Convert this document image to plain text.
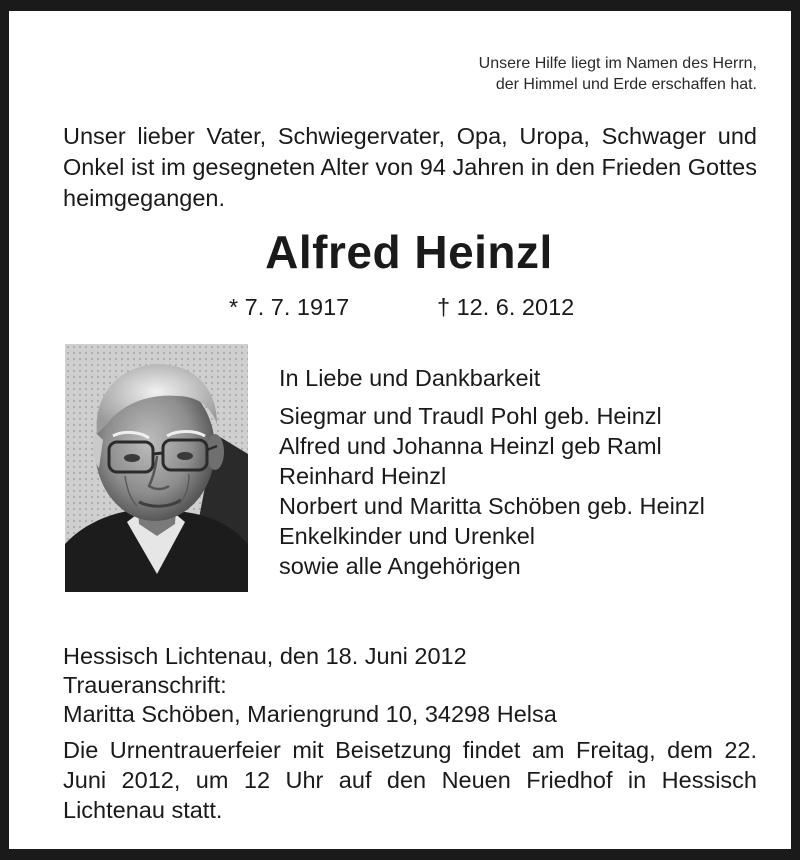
Unsere Hilfe liegt im Namen des Herrn,
der Himmel und Erde erschaffen hat.
Unser lieber Vater, Schwiegervater, Opa, Uropa, Schwager und Onkel ist im gesegneten Alter von 94 Jahren in den Frieden Gottes heimgegangen.
Alfred Heinzl
* 7. 7. 1917	† 12. 6. 2012
In Liebe und Dankbarkeit
Siegmar und Traudl Pohl geb. Heinzl
Alfred und Johanna Heinzl geb Raml
Reinhard Heinzl
Norbert und Maritta Schöben geb. Heinzl
Enkelkinder und Urenkel
sowie alle Angehörigen
Hessisch Lichtenau, den 18. Juni 2012
Traueranschrift:
Maritta Schöben, Mariengrund 10, 34298 Helsa
Die Urnentrauerfeier mit Beisetzung findet am Freitag, dem 22. Juni 2012, um 12 Uhr auf den Neuen Friedhof in Hessisch Lichtenau statt.
